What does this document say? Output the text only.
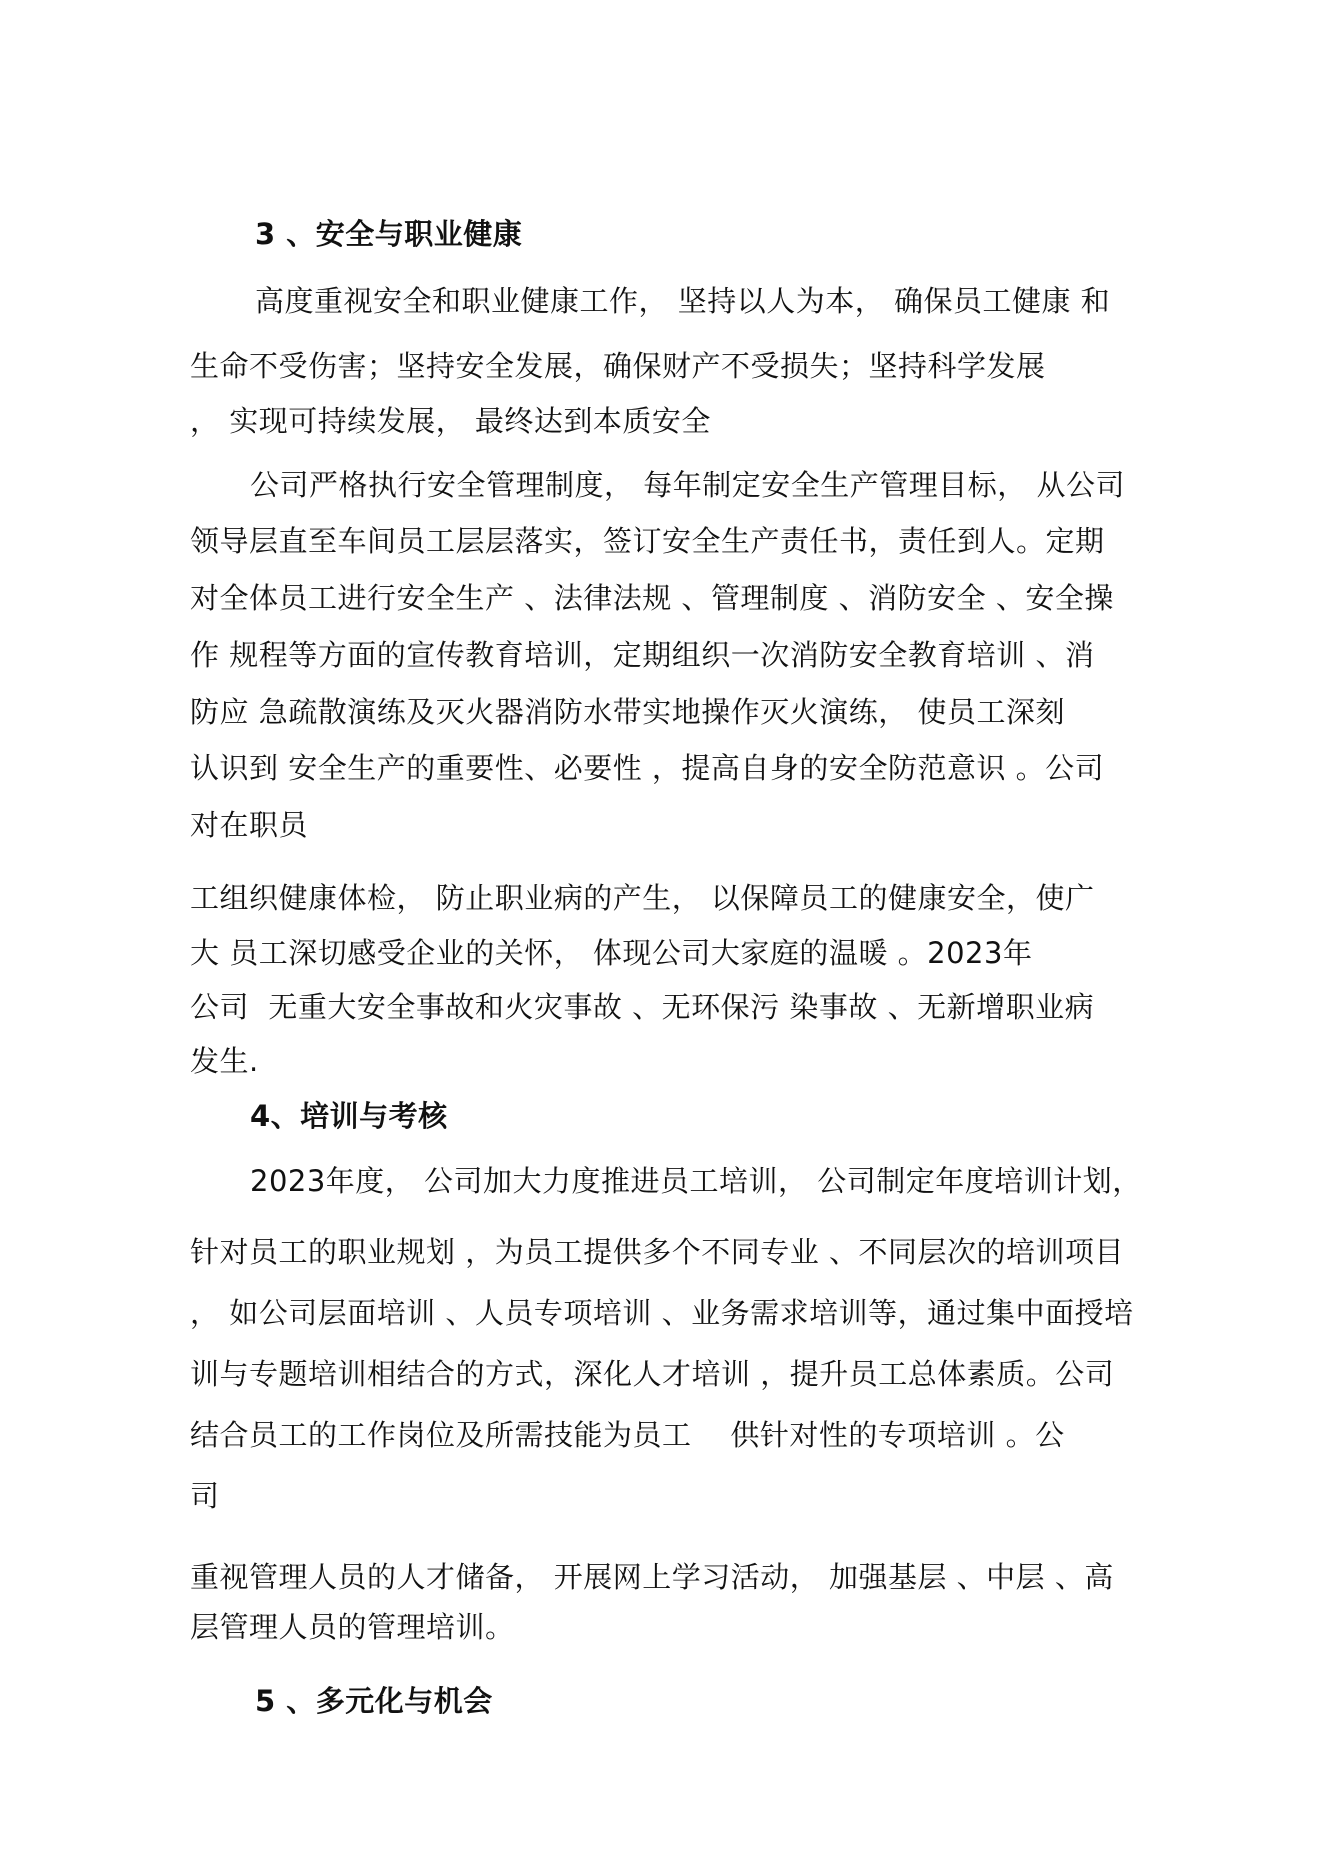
3 、安全与职业健康
高度重视安全和职业健康工作， 坚持以人为本， 确保员工健康 和
生命不受伤害；坚持安全发展，确保财产不受损失；坚持科学发展
， 实现可持续发展， 最终达到本质安全
公司严格执行安全管理制度， 每年制定安全生产管理目标， 从公司
领导层直至车间员工层层落实，签订安全生产责任书，责任到人。定期
对全体员工进行安全生产 、法律法规 、管理制度 、消防安全 、安全操
作 规程等方面的宣传教育培训，定期组织一次消防安全教育培训 、消
防应 急疏散演练及灭火器消防水带实地操作灭火演练， 使员工深刻
认识到 安全生产的重要性、必要性 ，提高自身的安全防范意识 。公司
对在职员
工组织健康体检， 防止职业病的产生， 以保障员工的健康安全，使广
大 员工深切感受企业的关怀， 体现公司大家庭的温暖 。2023年
公司  无重大安全事故和火灾事故 、无环保污 染事故 、无新增职业病
发生.
4、培训与考核
2023年度， 公司加大力度推进员工培训， 公司制定年度培训计划，
针对员工的职业规划 ，为员工提供多个不同专业 、不同层次的培训项目
， 如公司层面培训 、人员专项培训 、业务需求培训等，通过集中面授培
训与专题培训相结合的方式，深化人才培训 ，提升员工总体素质。公司
结合员工的工作岗位及所需技能为员工    供针对性的专项培训 。公
司
重视管理人员的人才储备， 开展网上学习活动， 加强基层 、中层 、高
层管理人员的管理培训。
5 、多元化与机会
